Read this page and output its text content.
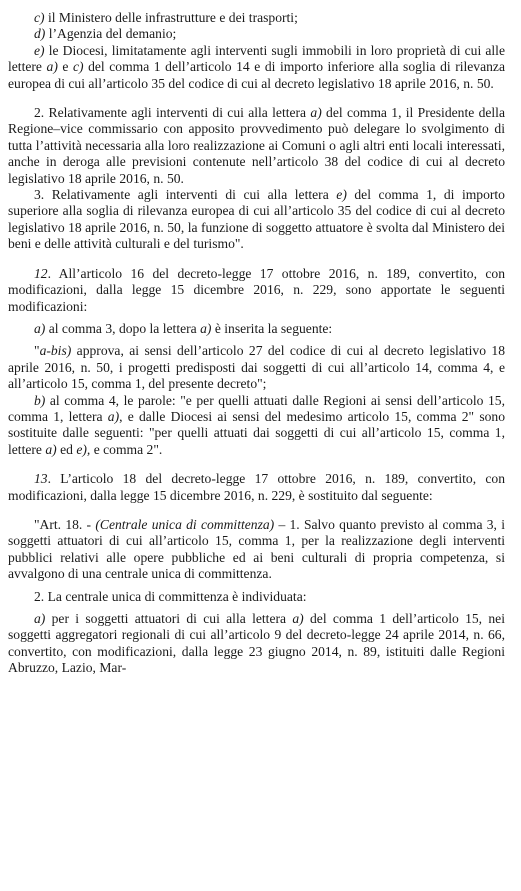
c) il Ministero delle infrastrutture e dei trasporti;

d) l’Agenzia del demanio;

e) le Diocesi, limitatamente agli interventi sugli immobili in loro proprietà di cui alle lettere a) e c) del comma 1 dell’articolo 14 e di importo inferiore alla soglia di rilevanza europea di cui all’articolo 35 del codice di cui al decreto legislativo 18 aprile 2016, n. 50.

2. Relativamente agli interventi di cui alla lettera a) del comma 1, il Presidente della Regione–vice commissario con apposito provvedimento può delegare lo svolgimento di tutta l’attività necessaria alla loro realizzazione ai Comuni o agli altri enti locali interessati, anche in deroga alle previsioni contenute nell’articolo 38 del codice di cui al decreto legislativo 18 aprile 2016, n. 50.

3. Relativamente agli interventi di cui alla lettera e) del comma 1, di importo superiore alla soglia di rilevanza europea di cui all’articolo 35 del codice di cui al decreto legislativo 18 aprile 2016, n. 50, la funzione di soggetto attuatore è svolta dal Ministero dei beni e delle attività culturali e del turismo".

12. All’articolo 16 del decreto-legge 17 ottobre 2016, n. 189, convertito, con modificazioni, dalla legge 15 dicembre 2016, n. 229, sono apportate le seguenti modificazioni:

a) al comma 3, dopo la lettera a) è inserita la seguente:

"a-bis) approva, ai sensi dell’articolo 27 del codice di cui al decreto legislativo 18 aprile 2016, n. 50, i progetti predisposti dai soggetti di cui all’articolo 14, comma 4, e all’articolo 15, comma 1, del presente decreto";

b) al comma 4, le parole: "e per quelli attuati dalle Regioni ai sensi dell’articolo 15, comma 1, lettera a), e dalle Diocesi ai sensi del medesimo articolo 15, comma 2" sono sostituite dalle seguenti: "per quelli attuati dai soggetti di cui all’articolo 15, comma 1, lettere a) ed e), e comma 2".

13. L’articolo 18 del decreto-legge 17 ottobre 2016, n. 189, convertito, con modificazioni, dalla legge 15 dicembre 2016, n. 229, è sostituito dal seguente:

"Art. 18. - (Centrale unica di committenza) – 1. Salvo quanto previsto al comma 3, i soggetti attuatori di cui all’articolo 15, comma 1, per la realizzazione degli interventi pubblici relativi alle opere pubbliche ed ai beni culturali di propria competenza, si avvalgono di una centrale unica di committenza.

2. La centrale unica di committenza è individuata:

a) per i soggetti attuatori di cui alla lettera a) del comma 1 dell’articolo 15, nei soggetti aggregatori regionali di cui all’articolo 9 del decreto-legge 24 aprile 2014, n. 66, convertito, con modificazioni, dalla legge 23 giugno 2014, n. 89, istituiti dalle Regioni Abruzzo, Lazio, Mar-
